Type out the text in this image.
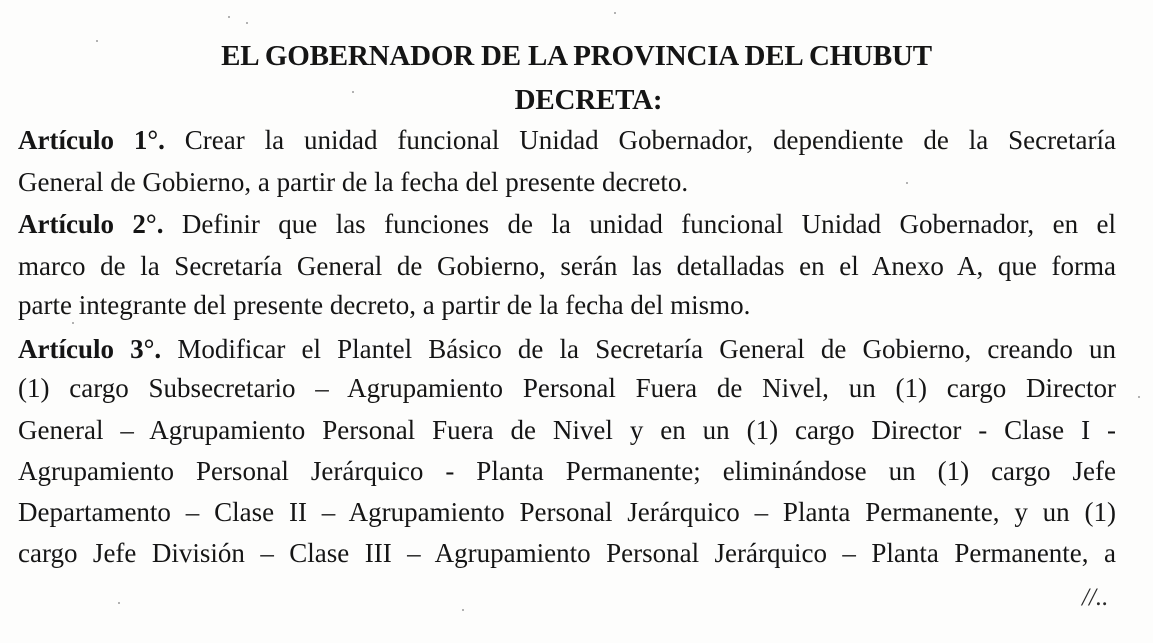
EL GOBERNADOR DE LA PROVINCIA DEL CHUBUT
DECRETA:
Artículo 1°. Crear la unidad funcional Unidad Gobernador, dependiente de la Secretaría
General de Gobierno, a partir de la fecha del presente decreto.
Artículo 2°. Definir que las funciones de la unidad funcional Unidad Gobernador, en el
marco de la Secretaría General de Gobierno, serán las detalladas en el Anexo A, que forma
parte integrante del presente decreto, a partir de la fecha del mismo.
Artículo 3°. Modificar el Plantel Básico de la Secretaría General de Gobierno, creando un
(1) cargo Subsecretario – Agrupamiento Personal Fuera de Nivel, un (1) cargo Director
General – Agrupamiento Personal Fuera de Nivel y en un (1) cargo Director - Clase I -
Agrupamiento Personal Jerárquico - Planta Permanente; eliminándose un (1) cargo Jefe
Departamento – Clase II – Agrupamiento Personal Jerárquico – Planta Permanente, y un (1)
cargo Jefe División – Clase III – Agrupamiento Personal Jerárquico – Planta Permanente, a
//..
